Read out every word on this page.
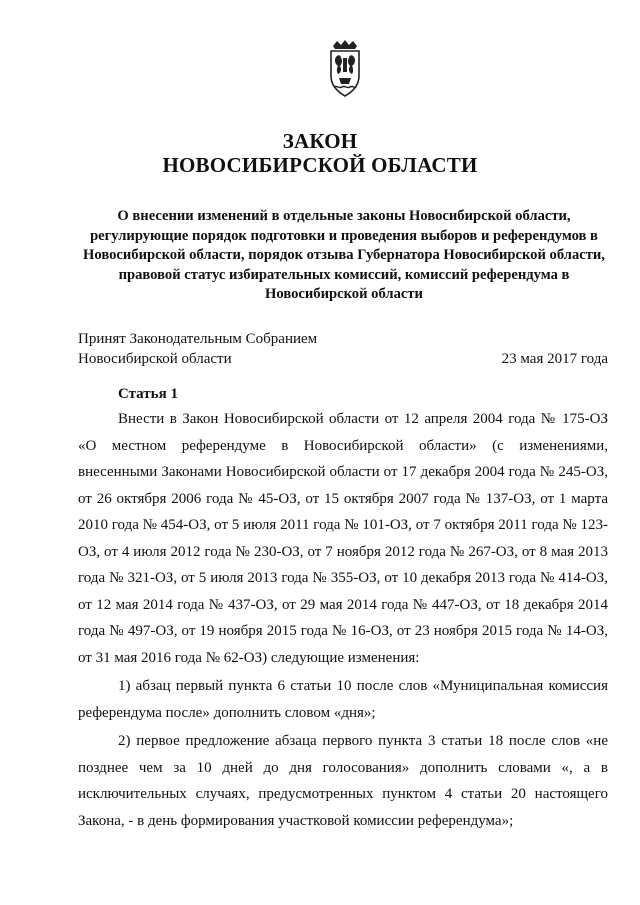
ЗАКОН
НОВОСИБИРСКОЙ ОБЛАСТИ
О внесении изменений в отдельные законы Новосибирской области, регулирующие порядок подготовки и проведения выборов и референдумов в Новосибирской области, порядок отзыва Губернатора Новосибирской области, правовой статус избирательных комиссий, комиссий референдума в Новосибирской области
Принят Законодательным Собранием
Новосибирской области	23 мая 2017 года
Статья 1

Внести в Закон Новосибирской области от 12 апреля 2004 года № 175-ОЗ «О местном референдуме в Новосибирской области» (с изменениями, внесенными Законами Новосибирской области от 17 декабря 2004 года № 245-ОЗ, от 26 октября 2006 года № 45-ОЗ, от 15 октября 2007 года № 137-ОЗ, от 1 марта 2010 года № 454-ОЗ, от 5 июля 2011 года № 101-ОЗ, от 7 октября 2011 года № 123-ОЗ, от 4 июля 2012 года № 230-ОЗ, от 7 ноября 2012 года № 267-ОЗ, от 8 мая 2013 года № 321-ОЗ, от 5 июля 2013 года № 355-ОЗ, от 10 декабря 2013 года № 414-ОЗ, от 12 мая 2014 года № 437-ОЗ, от 29 мая 2014 года № 447-ОЗ, от 18 декабря 2014 года № 497-ОЗ, от 19 ноября 2015 года № 16-ОЗ, от 23 ноября 2015 года № 14-ОЗ, от 31 мая 2016 года № 62-ОЗ) следующие изменения:

1) абзац первый пункта 6 статьи 10 после слов «Муниципальная комиссия референдума после» дополнить словом «дня»;

2) первое предложение абзаца первого пункта 3 статьи 18 после слов «не позднее чем за 10 дней до дня голосования» дополнить словами «, а в исключительных случаях, предусмотренных пунктом 4 статьи 20 настоящего Закона, - в день формирования участковой комиссии референдума»;
